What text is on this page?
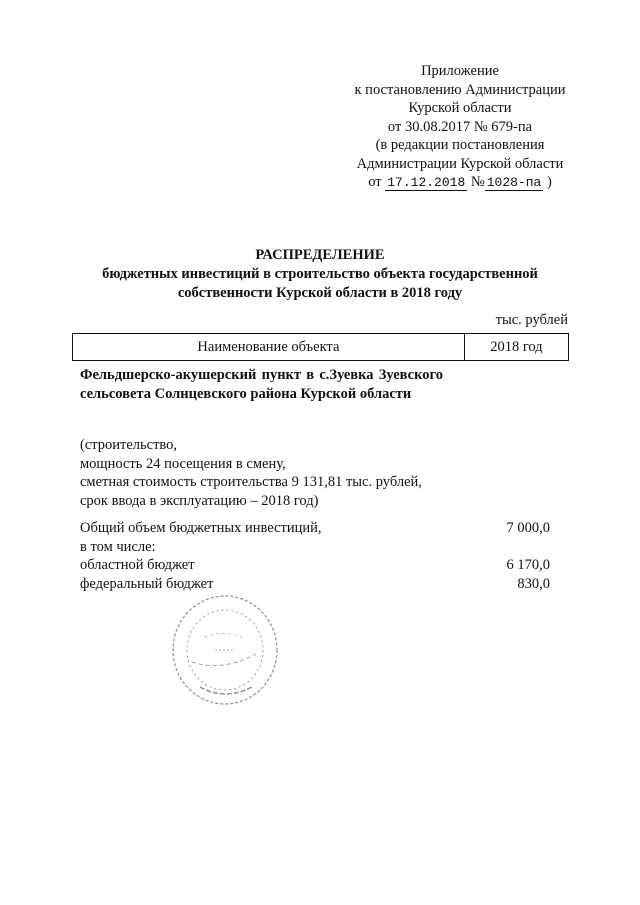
Приложение
к постановлению Администрации
Курской области
от 30.08.2017 № 679-па
(в редакции постановления
Администрации Курской области
от 17.12.2018 № 1028-па )
РАСПРЕДЕЛЕНИЕ
бюджетных инвестиций в строительство объекта государственной
собственности Курской области в 2018 году
тыс. рублей
Наименование объекта	2018 год
Фельдшерско-акушерский пункт в с.Зуевка Зуевского сельсовета Солнцевского района Курской области
(строительство,
мощность 24 посещения в смену,
сметная стоимость строительства 9 131,81 тыс. рублей,
срок ввода в эксплуатацию – 2018 год)
Общий объем бюджетных инвестиций,	7 000,0
в том числе:
областной бюджет	6 170,0
федеральный бюджет	830,0
